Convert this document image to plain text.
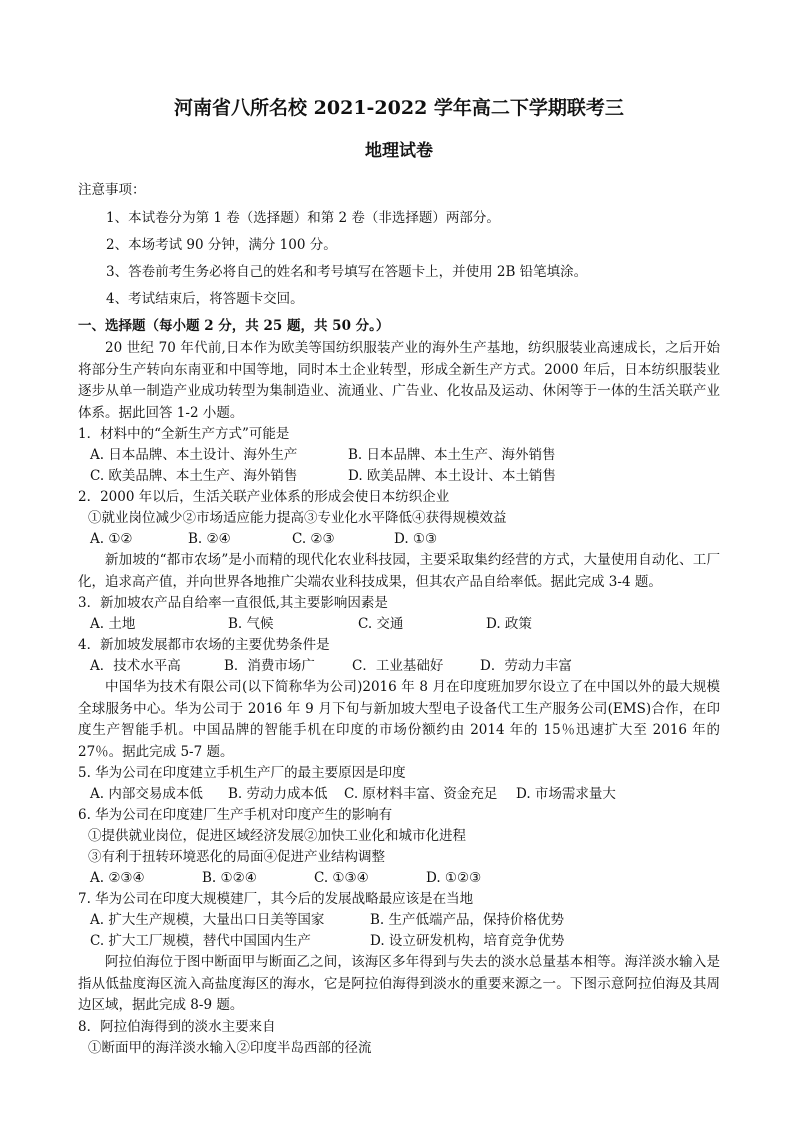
河南省八所名校 2021-2022 学年高二下学期联考三
地理试卷
注意事项：
1、本试卷分为第 1 卷（选择题）和第 2 卷（非选择题）两部分。
2、本场考试 90 分钟，满分 100 分。
3、答卷前考生务必将自己的姓名和考号填写在答题卡上，并使用 2B 铅笔填涂。
4、考试结束后，将答题卡交回。
一、选择题（每小题 2 分，共 25 题，共 50 分。）

20 世纪 70 年代前,日本作为欧美等国纺织服装产业的海外生产基地，纺织服装业高速成长，之后开始将部分生产转向东南亚和中国等地，同时本土企业转型，形成全新生产方式。2000 年后，日本纺织服装业逐步从单一制造产业成功转型为集制造业、流通业、广告业、化妆品及运动、休闲等于一体的生活关联产业体系。据此回答 1-2 小题。

1．材料中的“全新生产方式”可能是
A. 日本品牌、本土设计、海外生产	B. 日本品牌、本土生产、海外销售
C. 欧美品牌、本土生产、海外销售	D. 欧美品牌、本土设计、本土销售
2．2000 年以后，生活关联产业体系的形成会使日本纺织企业
①就业岗位减少②市场适应能力提高③专业化水平降低④获得规模效益
A. ①②	B. ②④	C. ②③	D. ①③

新加坡的“都市农场”是小而精的现代化农业科技园，主要采取集约经营的方式，大量使用自动化、工厂化，追求高产值，并向世界各地推广尖端农业科技成果，但其农产品自给率低。据此完成 3-4 题。

3．新加坡农产品自给率一直很低,其主要影响因素是
A. 土地	B. 气候	C. 交通	D. 政策
4．新加坡发展都市农场的主要优势条件是
A．技术水平高	B．消费市场广	C．工业基础好	D．劳动力丰富

中国华为技术有限公司(以下简称华为公司)2016 年 8 月在印度班加罗尔设立了在中国以外的最大规模全球服务中心。华为公司于 2016 年 9 月下旬与新加坡大型电子设备代工生产服务公司(EMS)合作，在印度生产智能手机。中国品牌的智能手机在印度的市场份额约由 2014 年的 15％迅速扩大至 2016 年的 27％。据此完成 5-7 题。

5. 华为公司在印度建立手机生产厂的最主要原因是印度
A. 内部交易成本低	B. 劳动力成本低	C. 原材料丰富、资金充足	D. 市场需求量大
6. 华为公司在印度建厂生产手机对印度产生的影响有
①提供就业岗位，促进区域经济发展②加快工业化和城市化进程
③有利于扭转环境恶化的局面④促进产业结构调整
A. ②③④	B. ①②④	C. ①③④	D. ①②③
7. 华为公司在印度大规模建厂，其今后的发展战略最应该是在当地
A. 扩大生产规模，大量出口日美等国家	B. 生产低端产品，保持价格优势
C. 扩大工厂规模，替代中国国内生产	D. 设立研发机构，培育竞争优势

阿拉伯海位于图中断面甲与断面乙之间，该海区多年得到与失去的淡水总量基本相等。海洋淡水输入是指从低盐度海区流入高盐度海区的海水，它是阿拉伯海得到淡水的重要来源之一。下图示意阿拉伯海及其周边区域，据此完成 8-9 题。

8．阿拉伯海得到的淡水主要来自
①断面甲的海洋淡水输入②印度半岛西部的径流
